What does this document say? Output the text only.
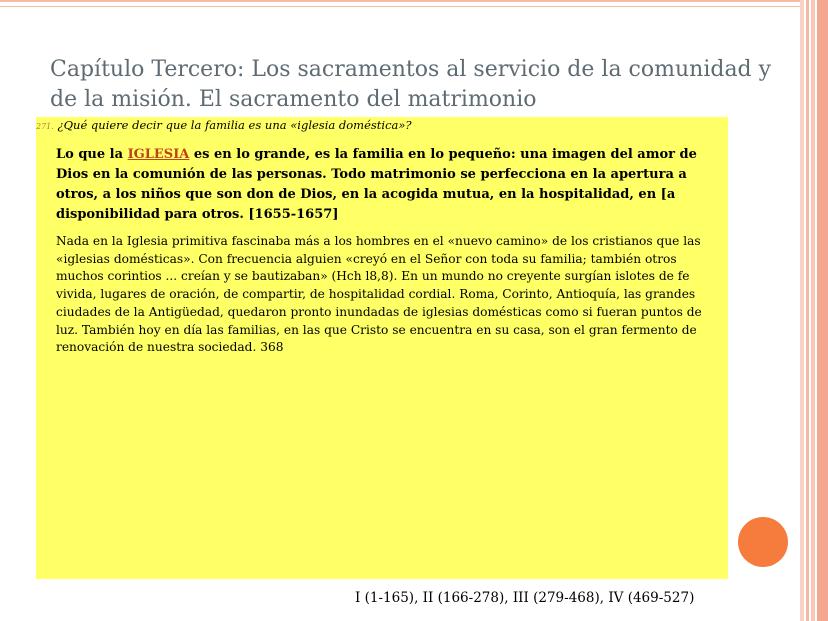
Capítulo Tercero: Los sacramentos al servicio de la comunidad y de la misión. El sacramento del matrimonio
271. ¿Qué quiere decir que la familia es una «iglesia doméstica»?

Lo que la IGLESIA es en lo grande, es la familia en lo pequeño: una imagen del amor de Dios en la comunión de las personas. Todo matrimonio se perfecciona en la apertura a otros, a los niños que son don de Dios, en la acogida mutua, en la hospitalidad, en [a disponibilidad para otros. [1655-1657]

Nada en la Iglesia primitiva fascinaba más a los hombres en el «nuevo camino» de los cristianos que las «iglesias domésticas». Con frecuencia alguien «creyó en el Señor con toda su familia; también otros muchos corintios ... creían y se bautizaban» (Hch l8,8). En un mundo no creyente surgían islotes de fe vivida, lugares de oración, de compartir, de hospitalidad cordial. Roma, Corinto, Antioquía, las grandes ciudades de la Antigüedad, quedaron pronto inundadas de iglesias domésticas como si fueran puntos de luz. También hoy en día las familias, en las que Cristo se encuentra en su casa, son el gran fermento de renovación de nuestra sociedad. 368

I (1-165), II (166-278), III (279-468), IV (469-527)
